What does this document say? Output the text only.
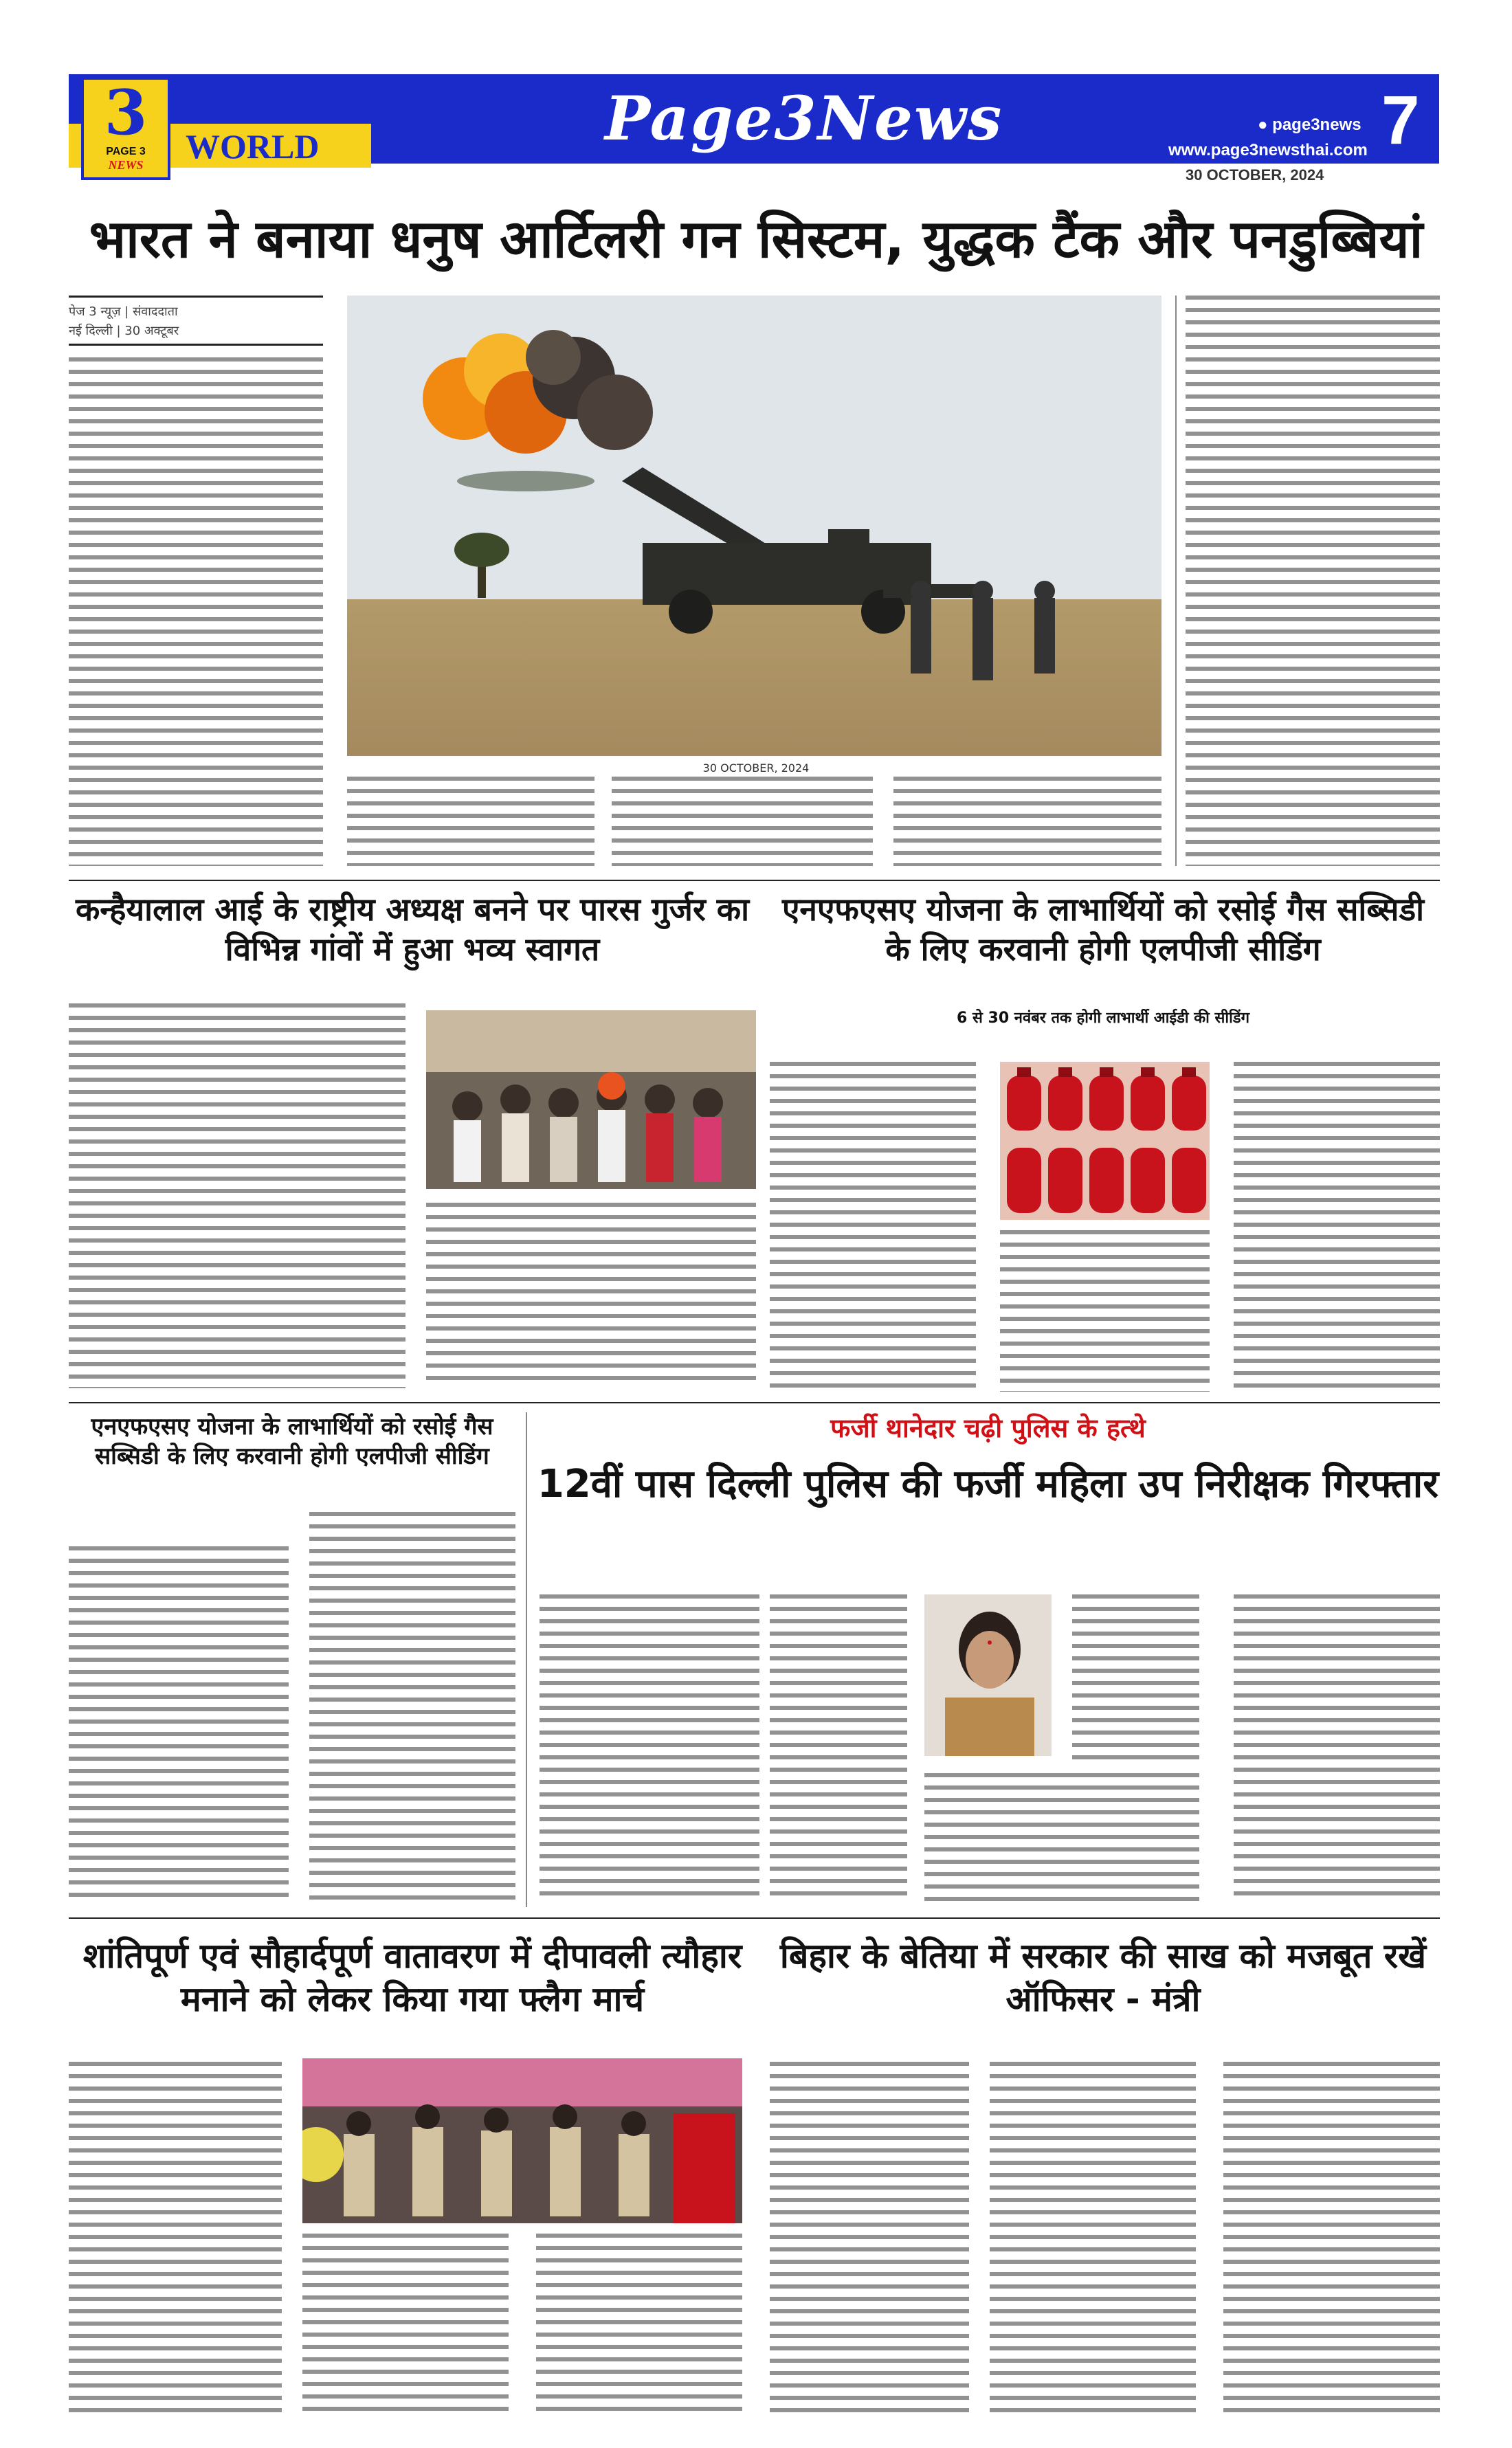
3
PAGE 3
NEWS	WORLD	Page3News	● page3news
www.page3newsthai.com
30 OCTOBER, 2024
7
भारत ने बनाया धनुष आर्टिलरी गन सिस्टम, युद्धक टैंक और पनडुब्बियां
पेज 3 न्यूज़ | संवाददाता
नई दिल्ली | 30 अक्टूबर
30 OCTOBER, 2024
कन्हैयालाल आई के राष्ट्रीय अध्यक्ष बनने पर पारस गुर्जर का विभिन्न गांवों में हुआ भव्य स्वागत
एनएफएसए योजना के लाभार्थियों को रसोई गैस सब्सिडी के लिए करवानी होगी एलपीजी सीडिंग
6 से 30 नवंबर तक होगी लाभार्थी आईडी की सीडिंग
एनएफएसए योजना के लाभार्थियों को रसोई गैस सब्सिडी के लिए करवानी होगी एलपीजी सीडिंग
फर्जी थानेदार चढ़ी पुलिस के हत्थे
12वीं पास दिल्ली पुलिस की फर्जी महिला उप निरीक्षक गिरफ्तार
शांतिपूर्ण एवं सौहार्दपूर्ण वातावरण में दीपावली त्यौहार मनाने को लेकर किया गया फ्लैग मार्च
बिहार के बेतिया में सरकार की साख को मजबूत रखें ऑफिसर - मंत्री
